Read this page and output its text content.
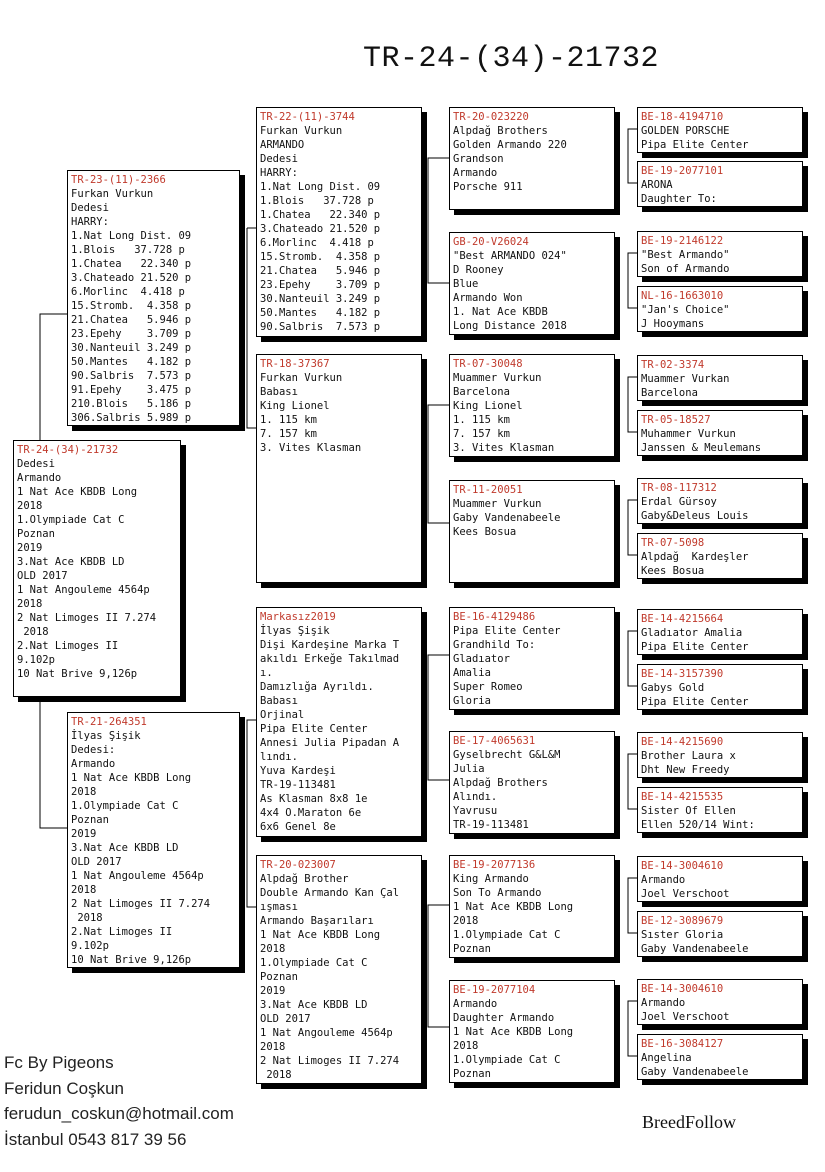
TR-24-(34)-21732
TR-24-(34)-21732
Dedesi
Armando
1 Nat Ace KBDB Long
2018
1.Olympiade Cat C
Poznan
2019
3.Nat Ace KBDB LD
OLD 2017
1 Nat Angouleme 4564p
2018
2 Nat Limoges II 7.274
2018
2.Nat Limoges II
9.102p
10 Nat Brive 9,126p
TR-23-(11)-2366
Furkan Vurkun
Dedesi
HARRY:
1.Nat Long Dist. 09
1.Blois   37.728 p
1.Chatea   22.340 p
3.Chateado 21.520 p
6.Morlinc  4.418 p
15.Stromb.  4.358 p
21.Chatea   5.946 p
23.Epehy    3.709 p
30.Nanteuil 3.249 p
50.Mantes   4.182 p
90.Salbris  7.573 p
91.Epehy    3.475 p
210.Blois   5.186 p
306.Salbris 5.989 p
TR-21-264351
İlyas Şişik
Dedesi:
Armando
1 Nat Ace KBDB Long
2018
1.Olympiade Cat C
Poznan
2019
3.Nat Ace KBDB LD
OLD 2017
1 Nat Angouleme 4564p
2018
2 Nat Limoges II 7.274
2018
2.Nat Limoges II
9.102p
10 Nat Brive 9,126p
TR-22-(11)-3744
Furkan Vurkun
ARMANDO
Dedesi
HARRY:
1.Nat Long Dist. 09
1.Blois   37.728 p
1.Chatea   22.340 p
3.Chateado 21.520 p
6.Morlinc  4.418 p
15.Stromb.  4.358 p
21.Chatea   5.946 p
23.Epehy    3.709 p
30.Nanteuil 3.249 p
50.Mantes   4.182 p
90.Salbris  7.573 p
TR-18-37367
Furkan Vurkun
Babası
King Lionel
1. 115 km
7. 157 km
3. Vites Klasman
Markasız2019
İlyas Şişik
Dişi Kardeşine Marka T
akıldı Erkeğe Takılmad
ı.
Damızlığa Ayrıldı.
Babası
Orjinal
Pipa Elite Center
Annesi Julia Pipadan A
lındı.
Yuva Kardeşi
TR-19-113481
As Klasman 8x8 1e
4x4 O.Maraton 6e
6x6 Genel 8e
TR-20-023007
Alpdağ Brother
Double Armando Kan Çal
ışması
Armando Başarıları
1 Nat Ace KBDB Long
2018
1.Olympiade Cat C
Poznan
2019
3.Nat Ace KBDB LD
OLD 2017
1 Nat Angouleme 4564p
2018
2 Nat Limoges II 7.274
2018
TR-20-023220
Alpdağ Brothers
Golden Armando 220
Grandson
Armando
Porsche 911
GB-20-V26024
"Best ARMANDO 024"
D Rooney
Blue
Armando Won
1. Nat Ace KBDB
Long Distance 2018
TR-07-30048
Muammer Vurkun
Barcelona
King Lionel
1. 115 km
7. 157 km
3. Vites Klasman
TR-11-20051
Muammer Vurkun
Gaby Vandenabeele
Kees Bosua
BE-16-4129486
Pipa Elite Center
Grandhild To:
Gladıator
Amalia
Super Romeo
Gloria
BE-17-4065631
Gyselbrecht G&L&M
Julia
Alpdağ Brothers
Alındı.
Yavrusu
TR-19-113481
BE-19-2077136
King Armando
Son To Armando
1 Nat Ace KBDB Long
2018
1.Olympiade Cat C
Poznan
BE-19-2077104
Armando
Daughter Armando
1 Nat Ace KBDB Long
2018
1.Olympiade Cat C
Poznan
BE-18-4194710
GOLDEN PORSCHE
Pipa Elite Center
BE-19-2077101
ARONA
Daughter To:
BE-19-2146122
"Best Armando"
Son of Armando
NL-16-1663010
"Jan's Choice"
J Hooymans
TR-02-3374
Muammer Vurkan
Barcelona
TR-05-18527
Muhammer Vurkun
Janssen & Meulemans
TR-08-117312
Erdal Gürsoy
Gaby&Deleus Louis
TR-07-5098
Alpdağ  Kardeşler
Kees Bosua
BE-14-4215664
Gladıator Amalia
Pipa Elite Center
BE-14-3157390
Gabys Gold
Pipa Elite Center
BE-14-4215690
Brother Laura x
Dht New Freedy
BE-14-4215535
Sister Of Ellen
Ellen 520/14 Wint:
BE-14-3004610
Armando
Joel Verschoot
BE-12-3089679
Sıster Gloria
Gaby Vandenabeele
BE-14-3004610
Armando
Joel Verschoot
BE-16-3084127
Angelina
Gaby Vandenabeele
Fc By Pigeons
Feridun Coşkun
ferudun_coskun@hotmail.com
İstanbul 0543 817 39 56
BreedFollow
